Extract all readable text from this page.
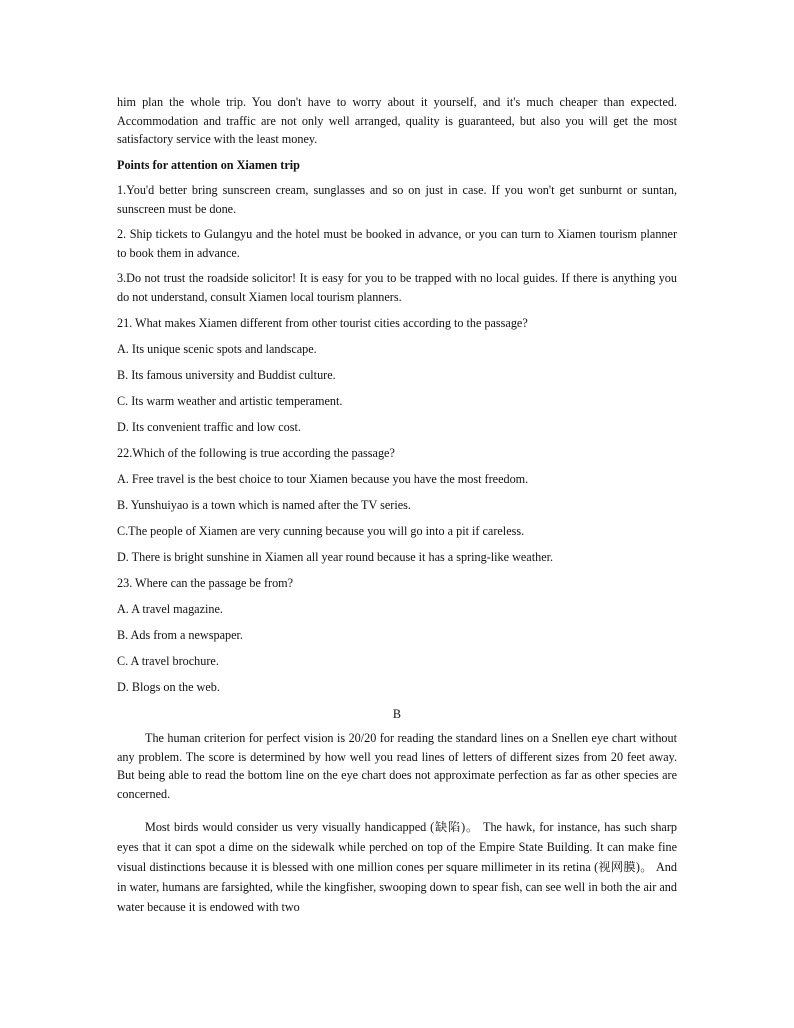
him plan the whole trip. You don't have to worry about it yourself, and it's much cheaper than expected. Accommodation and traffic are not only well arranged, quality is guaranteed, but also you will get the most satisfactory service with the least money.

Points for attention on Xiamen trip

1.You'd better bring sunscreen cream, sunglasses and so on just in case. If you won't get sunburnt or suntan, sunscreen must be done.

2. Ship tickets to Gulangyu and the hotel must be booked in advance, or you can turn to Xiamen tourism planner to book them in advance.

3.Do not trust the roadside solicitor! It is easy for you to be trapped with no local guides. If there is anything you do not understand, consult Xiamen local tourism planners.

21. What makes Xiamen different from other tourist cities according to the passage?

A. Its unique scenic spots and landscape.

B. Its famous university and Buddist culture.

C. Its warm weather and artistic temperament.

D. Its convenient traffic and low cost.

22.Which of the following is true according the passage?

A. Free travel is the best choice to tour Xiamen because you have the most freedom.

B. Yunshuiyao is a town which is named after the TV series.

C.The people of Xiamen are very cunning because you will go into a pit if careless.

D. There is bright sunshine in Xiamen all year round because it has a spring-like weather.

23. Where can the passage be from?

A. A travel magazine.

B. Ads from a newspaper.

C. A travel brochure.

D. Blogs on the web.

B

The human criterion for perfect vision is 20/20 for reading the standard lines on a Snellen eye chart without any problem. The score is determined by how well you read lines of letters of different sizes from 20 feet away. But being able to read the bottom line on the eye chart does not approximate perfection as far as other species are concerned.

Most birds would consider us very visually handicapped (缺陷)。 The hawk, for instance, has such sharp eyes that it can spot a dime on the sidewalk while perched on top of the Empire State Building. It can make fine visual distinctions because it is blessed with one million cones per square millimeter in its retina (视网膜)。 And in water, humans are farsighted, while the kingfisher, swooping down to spear fish, can see well in both the air and water because it is endowed with two
